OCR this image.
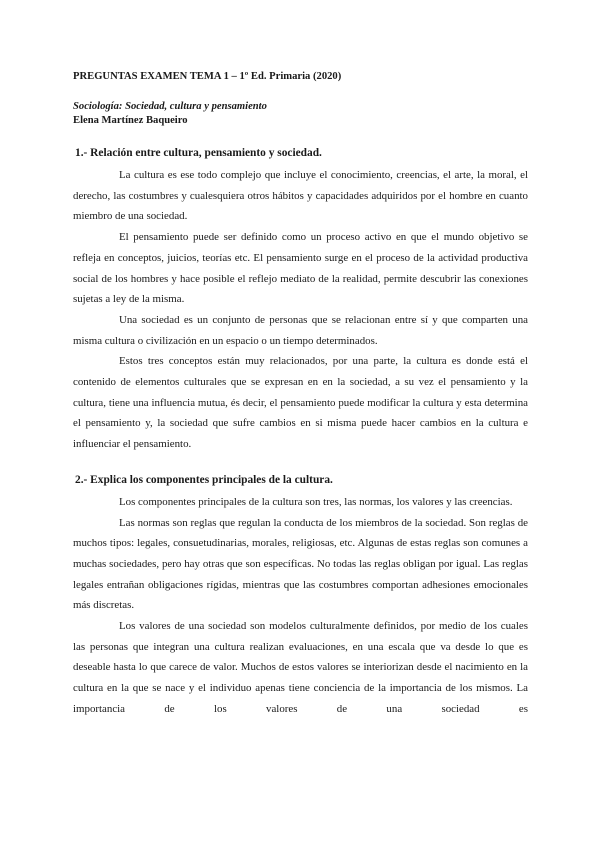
PREGUNTAS EXAMEN TEMA 1 – 1º Ed. Primaria (2020)
Sociología: Sociedad, cultura y pensamiento
Elena Martínez Baqueiro
1.- Relación entre cultura, pensamiento y sociedad.

La cultura es ese todo complejo que incluye el conocimiento, creencias, el arte, la moral, el derecho, las costumbres y cualesquiera otros hábitos y capacidades adquiridos por el hombre en cuanto miembro de una sociedad.

El pensamiento puede ser definido como un proceso activo en que el mundo objetivo se refleja en conceptos, juicios, teorías etc. El pensamiento surge en el proceso de la actividad productiva social de los hombres y hace posible el reflejo mediato de la realidad, permite descubrir las conexiones sujetas a ley de la misma.

Una sociedad es un conjunto de personas que se relacionan entre sí y que comparten una misma cultura o civilización en un espacio o un tiempo determinados.

Estos tres conceptos están muy relacionados, por una parte, la cultura es donde está el contenido de elementos culturales que se expresan en en la sociedad, a su vez el pensamiento y la cultura, tiene una influencia mutua, és decir, el pensamiento puede modificar la cultura y esta determina el pensamiento y, la sociedad que sufre cambios en si misma puede hacer cambios en la cultura e influenciar el pensamiento.

2.- Explica los componentes principales de la cultura.

Los componentes principales de la cultura son tres, las normas, los valores y las creencias.

Las normas son reglas que regulan la conducta de los miembros de la sociedad. Son reglas de muchos tipos: legales, consuetudinarias, morales, religiosas, etc. Algunas de estas reglas son comunes a muchas sociedades, pero hay otras que son específicas. No todas las reglas obligan por igual. Las reglas legales entrañan obligaciones rígidas, mientras que las costumbres comportan adhesiones emocionales más discretas.

Los valores de una sociedad son modelos culturalmente definidos, por medio de los cuales las personas que integran una cultura realizan evaluaciones, en una escala que va desde lo que es deseable hasta lo que carece de valor. Muchos de estos valores se interiorizan desde el nacimiento en la cultura en la que se nace y el individuo apenas tiene conciencia de la importancia de los mismos. La importancia de los valores de una sociedad es
